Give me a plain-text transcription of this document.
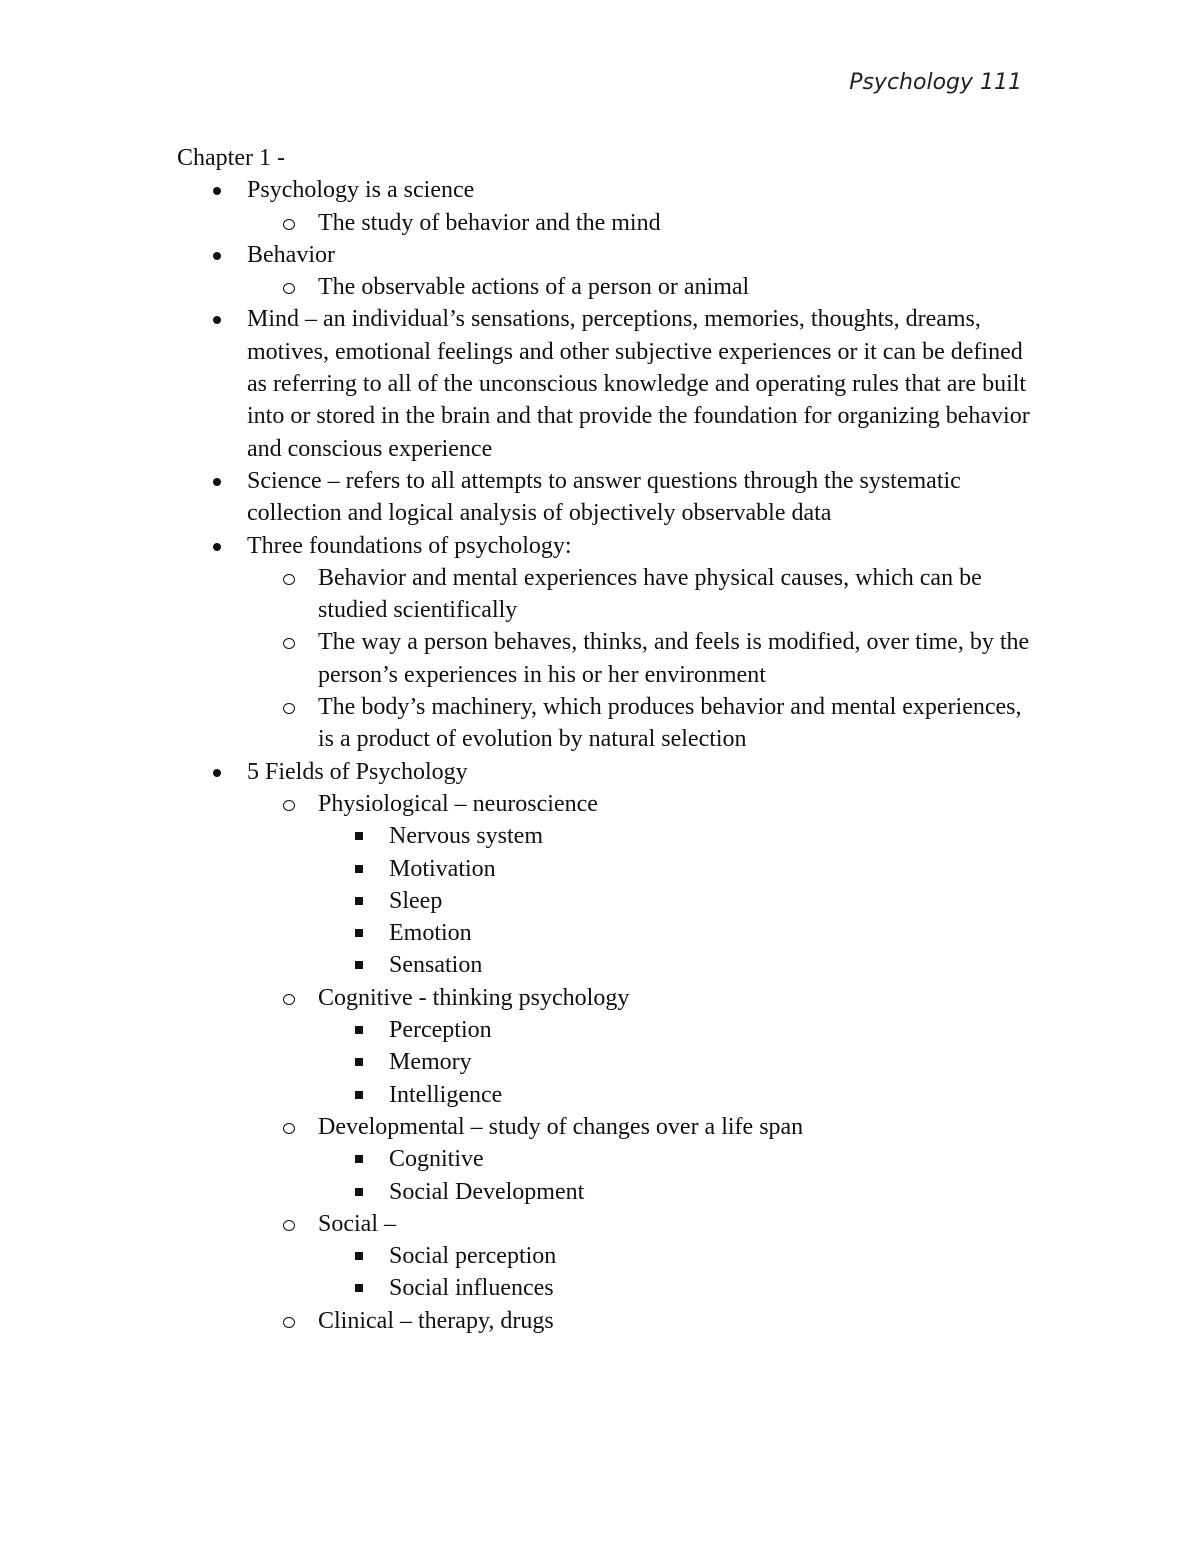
Psychology 111

Chapter 1 -

Psychology is a science
The study of behavior and the mind
Behavior
The observable actions of a person or animal
Mind – an individual’s sensations, perceptions, memories, thoughts, dreams, motives, emotional feelings and other subjective experiences or it can be defined as referring to all of the unconscious knowledge and operating rules that are built into or stored in the brain and that provide the foundation for organizing behavior and conscious experience
Science – refers to all attempts to answer questions through the systematic collection and logical analysis of objectively observable data
Three foundations of psychology:
Behavior and mental experiences have physical causes, which can be studied scientifically
The way a person behaves, thinks, and feels is modified, over time, by the person’s experiences in his or her environment
The body’s machinery, which produces behavior and mental experiences, is a product of evolution by natural selection
5 Fields of Psychology
Physiological – neuroscience
Nervous system
Motivation
Sleep
Emotion
Sensation
Cognitive - thinking psychology
Perception
Memory
Intelligence
Developmental – study of changes over a life span
Cognitive
Social Development
Social –
Social perception
Social influences
Clinical – therapy, drugs
